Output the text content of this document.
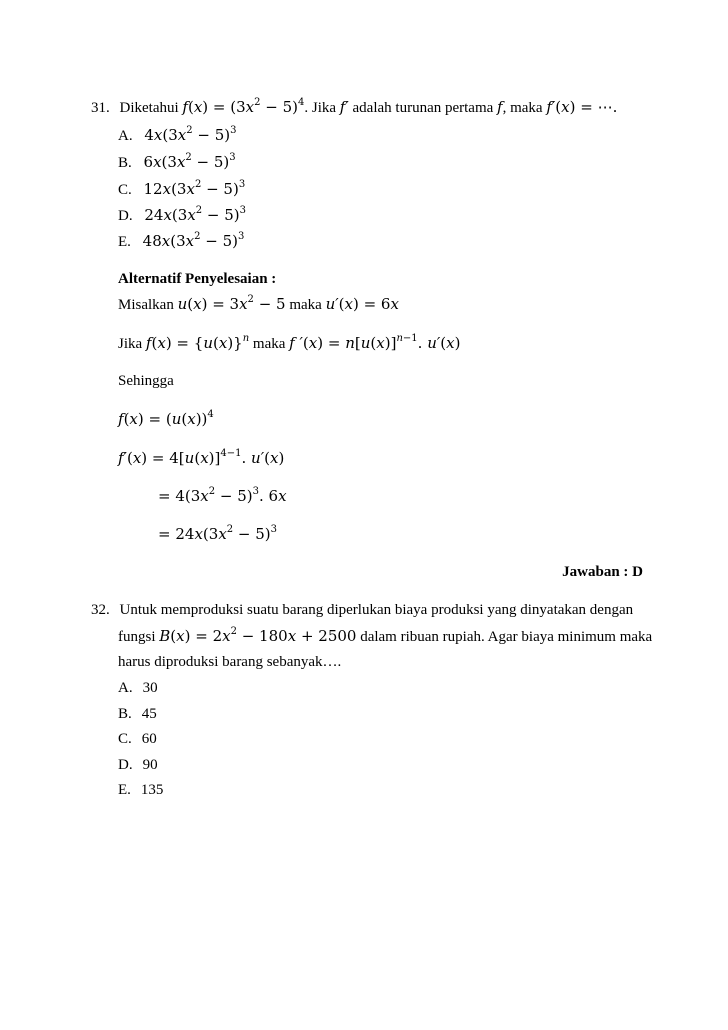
31. Diketahui $f(x) = (3x^2 - 5)^4$. Jika f′ adalah turunan pertama f, maka f′(x) = ⋯.
A. $4x(3x^2 - 5)^3$
B. $6x(3x^2 - 5)^3$
C. $12x(3x^2 - 5)^3$
D. $24x(3x^2 - 5)^3$
E. $48x(3x^2 - 5)^3$
Alternatif Penyelesaian :
Misalkan $u(x) = 3x^2 - 5$ maka u′(x) = 6x
Jika $f(x) = \{u(x)\}^n$ maka f $'(x) = n[u(x)]^{n-1}$. u′(x)
Sehingga
$f(x) = (u(x))^4$
$f'(x) = 4[u(x)]^{4-1}$. u′(x)
= $4(3x^2 - 5)^3$. 6x
= $24x(3x^2 - 5)^3$
Jawaban : D
32. Untuk memproduksi suatu barang diperlukan biaya produksi yang dinyatakan dengan
fungsi $B(x) = 2x^2 - 180x + 2500$ dalam ribuan rupiah. Agar biaya minimum maka
harus diproduksi barang sebanyak….
A. 30
B. 45
C. 60
D. 90
E. 135
